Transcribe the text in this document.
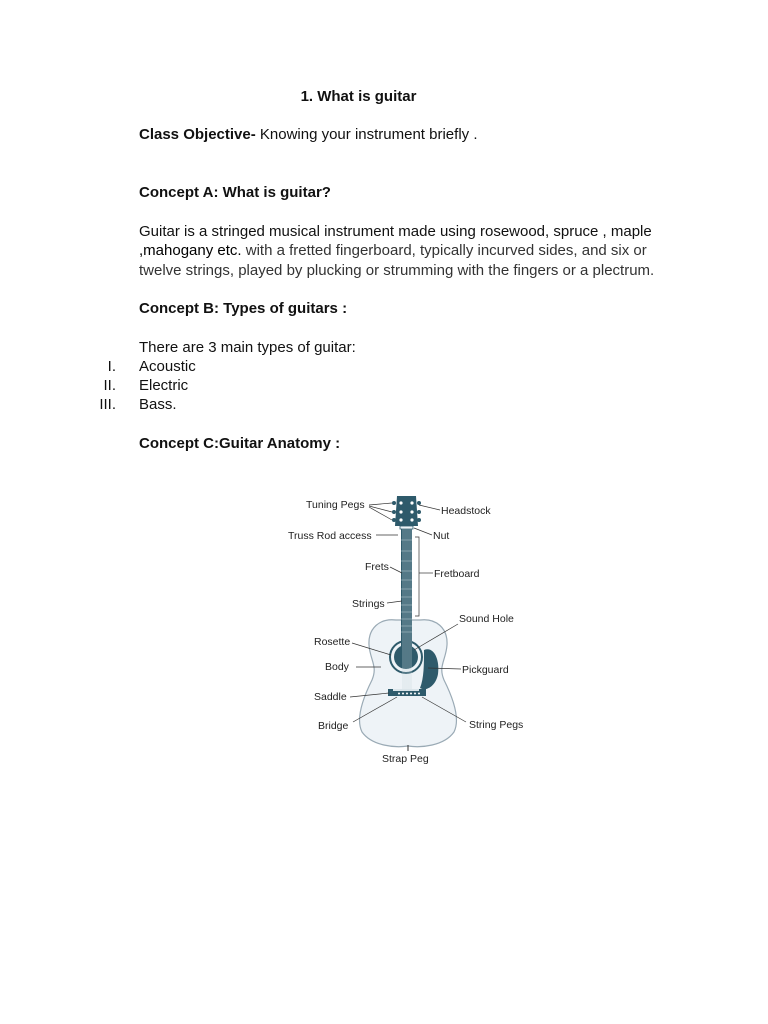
1. What is guitar
Class Objective- Knowing your instrument briefly .
Concept A: What is guitar?
Guitar is a stringed musical instrument made using rosewood, spruce , maple ,mahogany etc. with a fretted fingerboard, typically incurved sides, and six or twelve strings, played by plucking or strumming with the fingers or a plectrum.
Concept B: Types of guitars :
There are 3 main types of guitar:
I. Acoustic
II. Electric
III. Bass.
Concept C:Guitar Anatomy :
Tuning Pegs	Headstock
Truss Rod access	Nut
Frets
Fretboard
Strings
Sound Hole
Rosette
Body	Pickguard
Saddle
Bridge	String Pegs
Strap Peg
